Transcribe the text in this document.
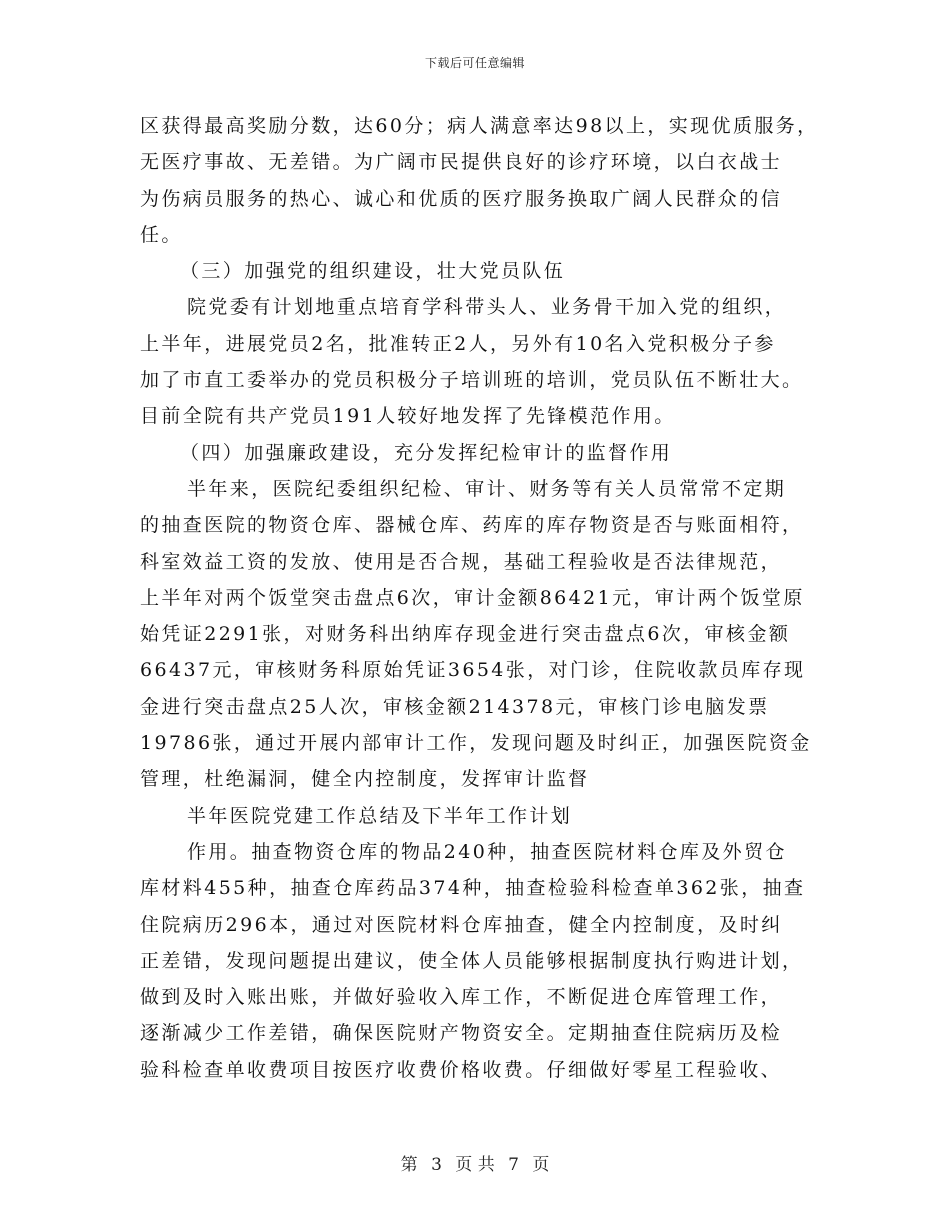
下载后可任意编辑
区获得最高奖励分数，达60分；病人满意率达98以上，实现优质服务，
无医疗事故、无差错。为广阔市民提供良好的诊疗环境，以白衣战士
为伤病员服务的热心、诚心和优质的医疗服务换取广阔人民群众的信
任。
（三）加强党的组织建设，壮大党员队伍
院党委有计划地重点培育学科带头人、业务骨干加入党的组织，
上半年，进展党员2名，批准转正2人，另外有10名入党积极分子参
加了市直工委举办的党员积极分子培训班的培训，党员队伍不断壮大。
目前全院有共产党员191人较好地发挥了先锋模范作用。
（四）加强廉政建设，充分发挥纪检审计的监督作用
半年来，医院纪委组织纪检、审计、财务等有关人员常常不定期
的抽查医院的物资仓库、器械仓库、药库的库存物资是否与账面相符，
科室效益工资的发放、使用是否合规，基础工程验收是否法律规范，
上半年对两个饭堂突击盘点6次，审计金额86421元，审计两个饭堂原
始凭证2291张，对财务科出纳库存现金进行突击盘点6次，审核金额
66437元，审核财务科原始凭证3654张，对门诊，住院收款员库存现
金进行突击盘点25人次，审核金额214378元，审核门诊电脑发票
19786张，通过开展内部审计工作，发现问题及时纠正，加强医院资金
管理，杜绝漏洞，健全内控制度，发挥审计监督
半年医院党建工作总结及下半年工作计划
作用。抽查物资仓库的物品240种，抽查医院材料仓库及外贸仓
库材料455种，抽查仓库药品374种，抽查检验科检查单362张，抽查
住院病历296本，通过对医院材料仓库抽查，健全内控制度，及时纠
正差错，发现问题提出建议，使全体人员能够根据制度执行购进计划，
做到及时入账出账，并做好验收入库工作，不断促进仓库管理工作，
逐渐减少工作差错，确保医院财产物资安全。定期抽查住院病历及检
验科检查单收费项目按医疗收费价格收费。仔细做好零星工程验收、
第 3 页 共 7 页
